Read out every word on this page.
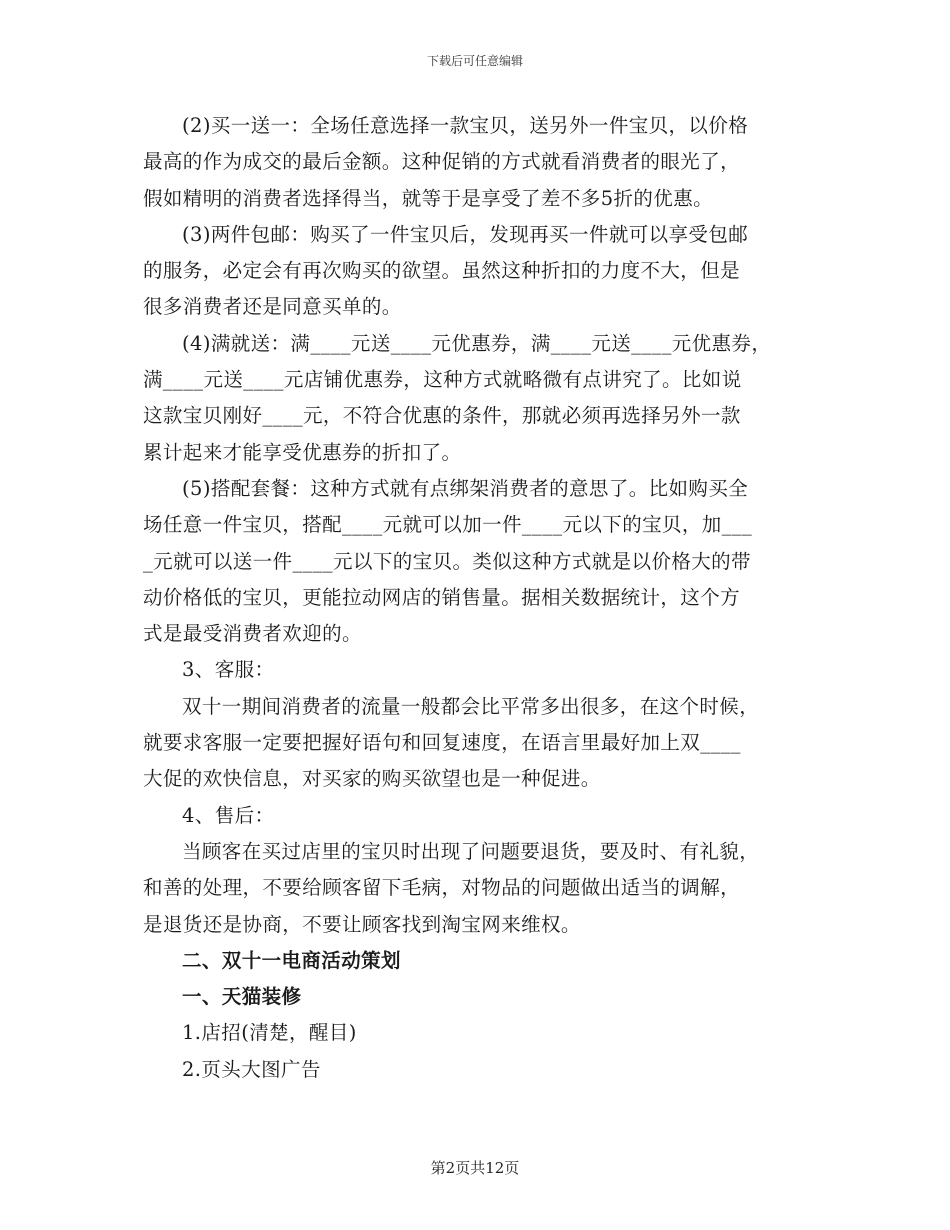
下载后可任意编辑
(2)买一送一：全场任意选择一款宝贝，送另外一件宝贝，以价格
最高的作为成交的最后金额。这种促销的方式就看消费者的眼光了，
假如精明的消费者选择得当，就等于是享受了差不多5折的优惠。
(3)两件包邮：购买了一件宝贝后，发现再买一件就可以享受包邮
的服务，必定会有再次购买的欲望。虽然这种折扣的力度不大，但是
很多消费者还是同意买单的。
(4)满就送：满____元送____元优惠券，满____元送____元优惠券，
满____元送____元店铺优惠券，这种方式就略微有点讲究了。比如说
这款宝贝刚好____元，不符合优惠的条件，那就必须再选择另外一款
累计起来才能享受优惠券的折扣了。
(5)搭配套餐：这种方式就有点绑架消费者的意思了。比如购买全
场任意一件宝贝，搭配____元就可以加一件____元以下的宝贝，加___
_元就可以送一件____元以下的宝贝。类似这种方式就是以价格大的带
动价格低的宝贝，更能拉动网店的销售量。据相关数据统计，这个方
式是最受消费者欢迎的。
3、客服：
双十一期间消费者的流量一般都会比平常多出很多，在这个时候，
就要求客服一定要把握好语句和回复速度，在语言里最好加上双____
大促的欢快信息，对买家的购买欲望也是一种促进。
4、售后：
当顾客在买过店里的宝贝时出现了问题要退货，要及时、有礼貌，
和善的处理，不要给顾客留下毛病，对物品的问题做出适当的调解，
是退货还是协商，不要让顾客找到淘宝网来维权。
二、双十一电商活动策划
一、天猫装修
1.店招(清楚，醒目)
2.页头大图广告
第2页共12页
